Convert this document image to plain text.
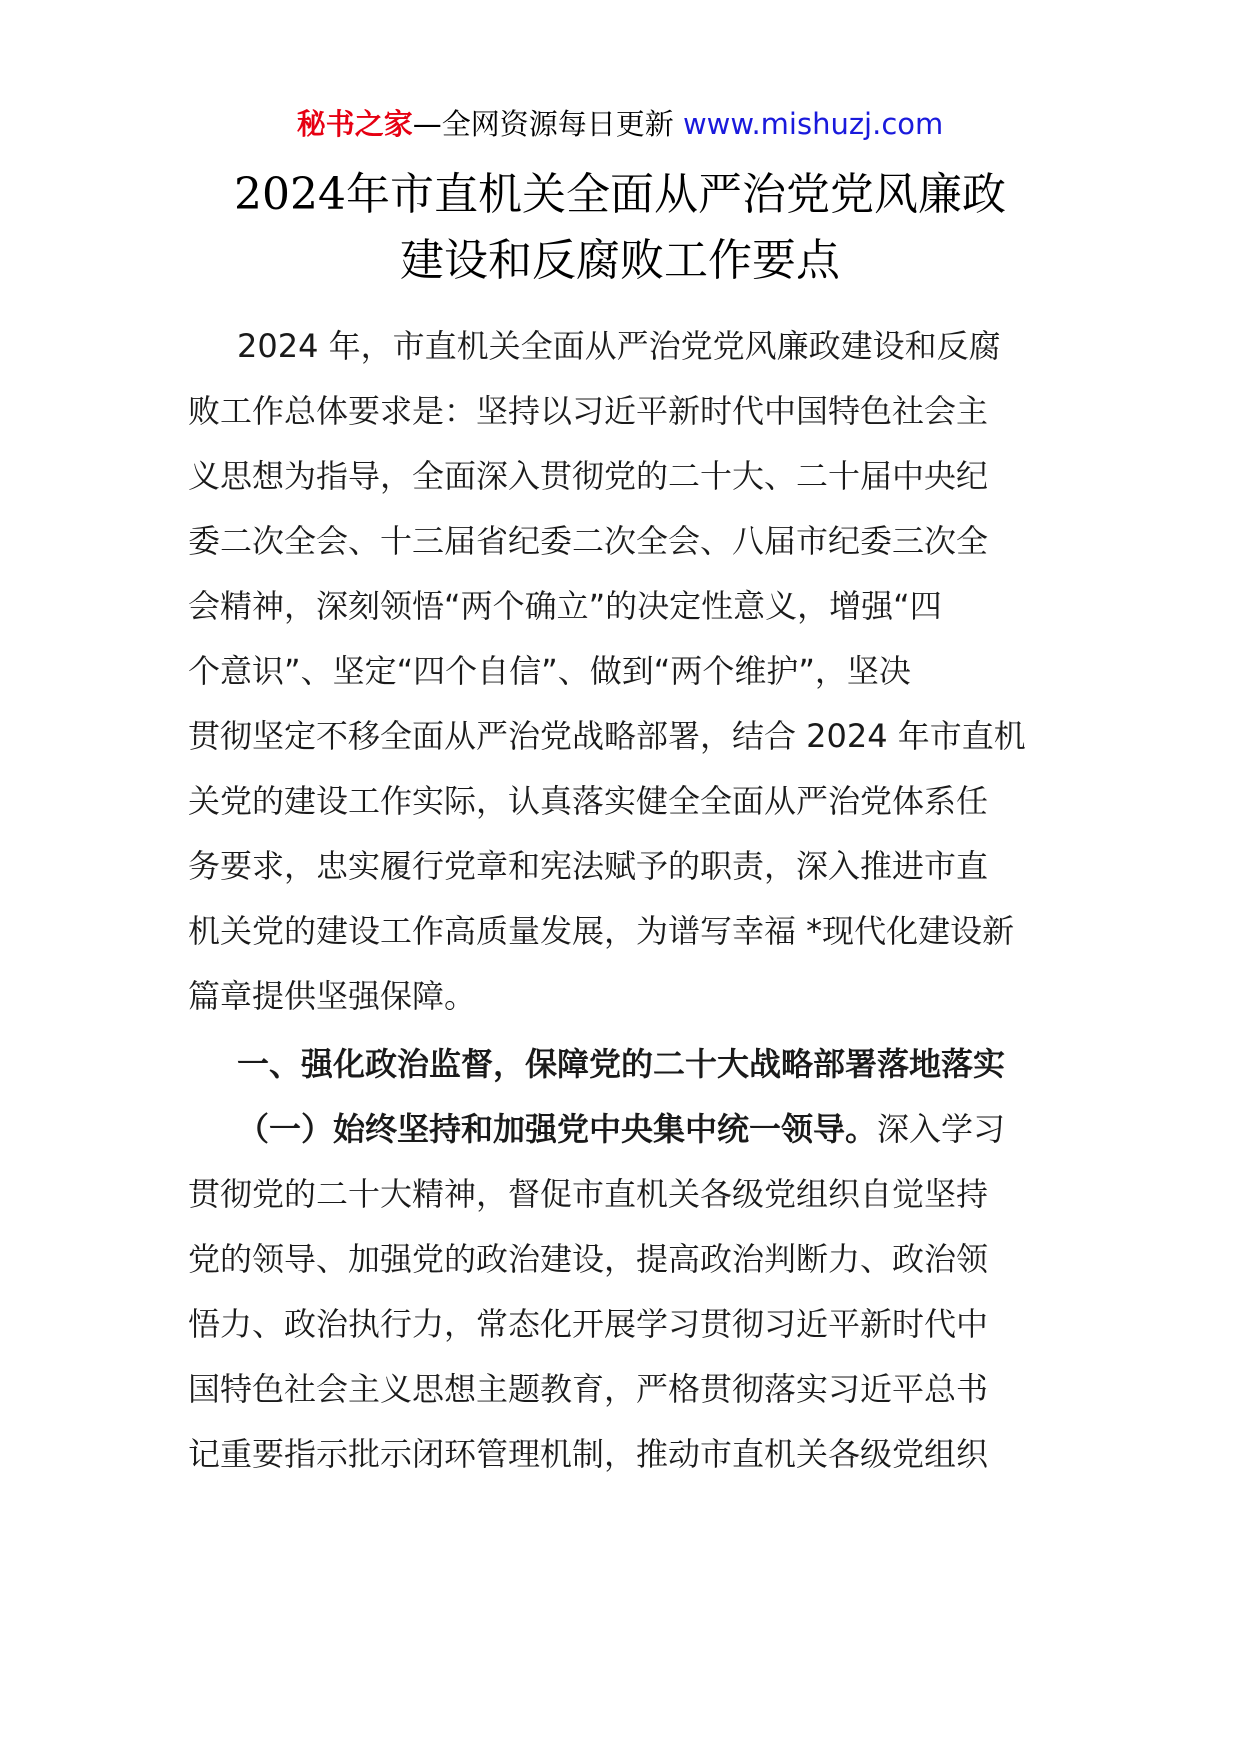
秘书之家—全网资源每日更新 www.mishuzj.com
2024年市直机关全面从严治党党风廉政
建设和反腐败工作要点
2024 年，市直机关全面从严治党党风廉政建设和反腐
败工作总体要求是：坚持以习近平新时代中国特色社会主
义思想为指导，全面深入贯彻党的二十大、二十届中央纪
委二次全会、十三届省纪委二次全会、八届市纪委三次全
会精神，深刻领悟“两个确立”的决定性意义，增强“四
个意识”、坚定“四个自信”、做到“两个维护”，坚决
贯彻坚定不移全面从严治党战略部署，结合 2024 年市直机
关党的建设工作实际，认真落实健全全面从严治党体系任
务要求，忠实履行党章和宪法赋予的职责，深入推进市直
机关党的建设工作高质量发展，为谱写幸福 *现代化建设新
篇章提供坚强保障。
一、强化政治监督，保障党的二十大战略部署落地落实
（一）始终坚持和加强党中央集中统一领导。深入学习
贯彻党的二十大精神，督促市直机关各级党组织自觉坚持
党的领导、加强党的政治建设，提高政治判断力、政治领
悟力、政治执行力，常态化开展学习贯彻习近平新时代中
国特色社会主义思想主题教育，严格贯彻落实习近平总书
记重要指示批示闭环管理机制，推动市直机关各级党组织
